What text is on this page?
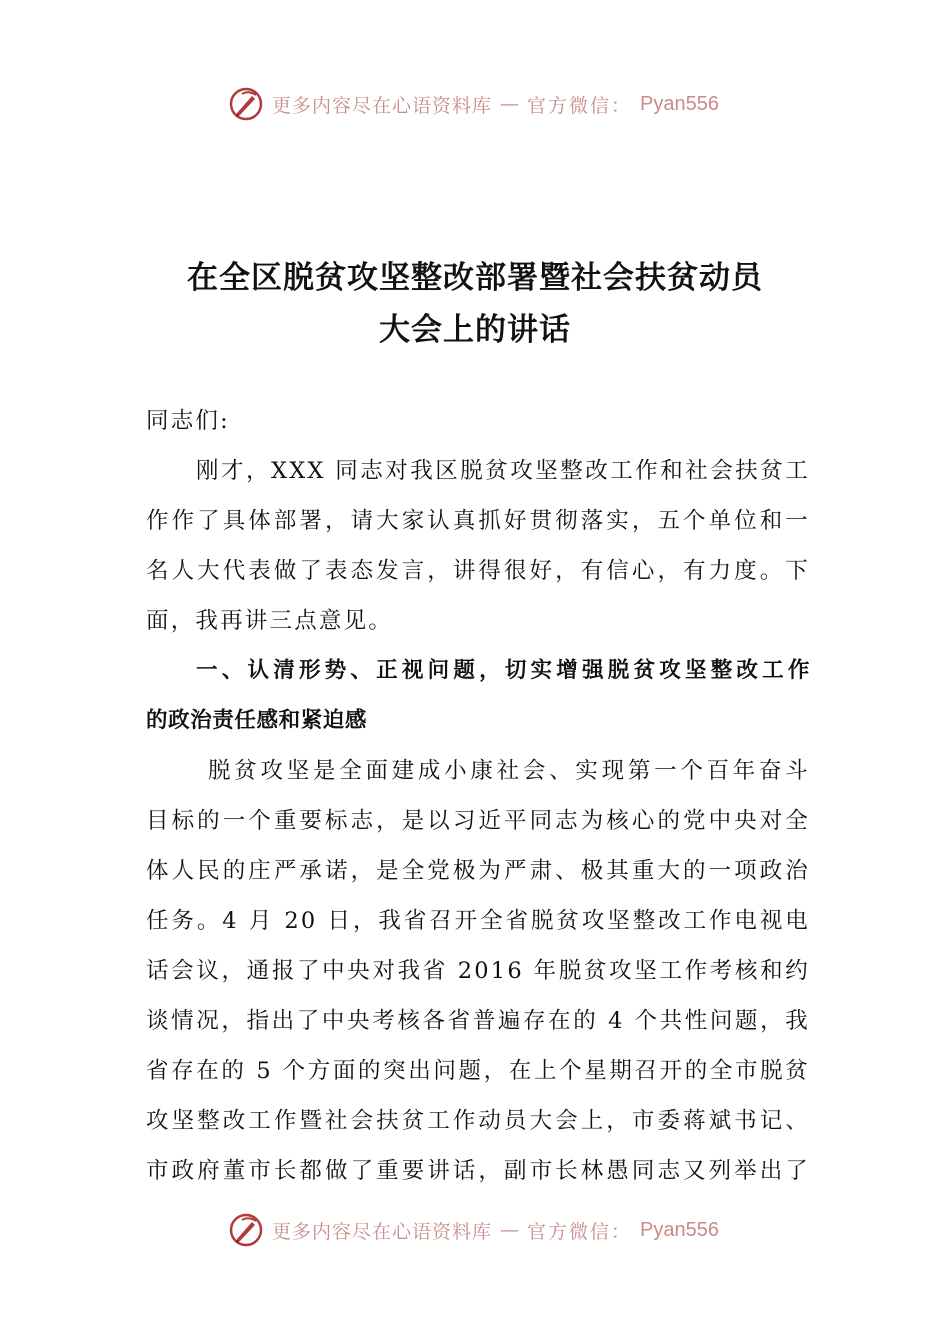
更多内容尽在心语资料库 — 官方微信： Pyan556
在全区脱贫攻坚整改部署暨社会扶贫动员
大会上的讲话
同志们:
刚才，XXX 同志对我区脱贫攻坚整改工作和社会扶贫工
作作了具体部署，请大家认真抓好贯彻落实，五个单位和一
名人大代表做了表态发言，讲得很好，有信心，有力度。下
面，我再讲三点意见。
一、认清形势、正视问题，切实增强脱贫攻坚整改工作
的政治责任感和紧迫感
脱贫攻坚是全面建成小康社会、实现第一个百年奋斗
目标的一个重要标志，是以习近平同志为核心的党中央对全
体人民的庄严承诺，是全党极为严肃、极其重大的一项政治
任务。4 月 20 日，我省召开全省脱贫攻坚整改工作电视电
话会议，通报了中央对我省 2016 年脱贫攻坚工作考核和约
谈情况，指出了中央考核各省普遍存在的 4 个共性问题，我
省存在的 5 个方面的突出问题，在上个星期召开的全市脱贫
攻坚整改工作暨社会扶贫工作动员大会上，市委蒋斌书记、
市政府董市长都做了重要讲话，副市长林愚同志又列举出了
更多内容尽在心语资料库 — 官方微信： Pyan556
